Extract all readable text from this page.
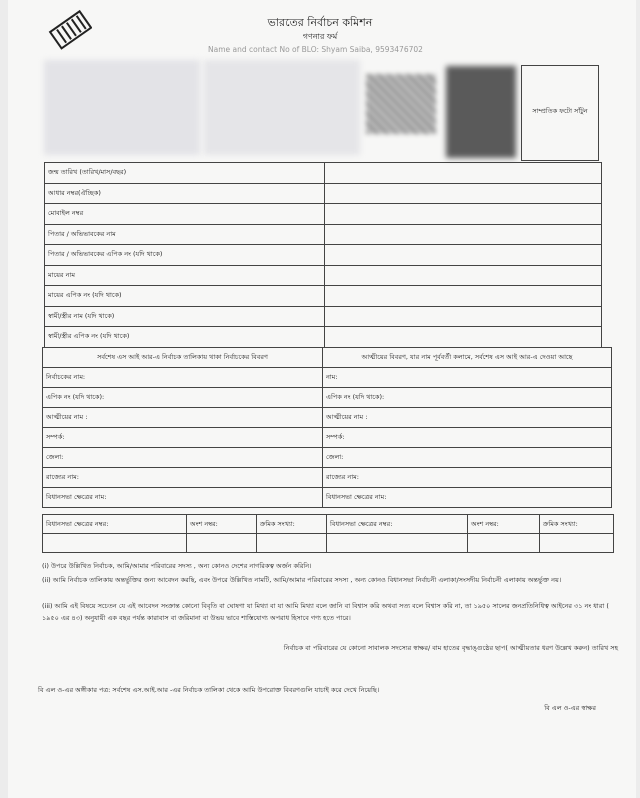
ভারতের নির্বাচন কমিশন
গণনার ফর্ম
Name and contact No of BLO: Shyam Saiba, 9593476702
সাম্প্রতিক ফটো সাঁটুন
জন্ম তারিখ (তারিখ/মাস/বছর)	
আধার নম্বর(ঐচ্ছিক)	
মোবাইল নম্বর	
পিতার / অভিভাবকের নাম	
পিতার / অভিভাবকের এপিক নং (যদি থাকে)	
মায়ের নাম	
মায়ের এপিক নং (যদি থাকে)	
স্বামী/স্ত্রীর নাম (যদি থাকে)	
স্বামী/স্ত্রীর এপিক নং (যদি থাকে)	
সর্বশেষ এস আই আর-এ নির্বাচক তালিকায় থাকা নির্বাচকের বিবরণ	আত্মীয়ের বিবরণ, যার নাম পূর্ববর্তী কলামে, সর্বশেষ এস আই আর-এ দেওয়া আছে
নির্বাচকের নাম:	নাম:
এপিক নং (যদি থাকে):	এপিক নং (যদি থাকে):
আত্মীয়ের নাম :	আত্মীয়ের নাম :
সম্পর্ক:	সম্পর্ক:
জেলা:	জেলা:
রাজ্যের নাম:	রাজ্যের নাম:
বিধানসভা ক্ষেত্রের নাম:	বিধানসভা ক্ষেত্রের নাম:
বিধানসভা ক্ষেত্রের নম্বর:	অংশ নম্বর:	ক্রমিক সংখ্যা:	বিধানসভা ক্ষেত্রের নম্বর:	অংশ নম্বর:	ক্রমিক সংখ্যা:

(i) উপরে উল্লিখিত নির্বাচক, আমি/আমার পরিবারের সদস্য , অন্য কোনও দেশের নাগরিকত্ব অর্জন করিনি।
(ii) আমি নির্বাচক তালিকায় অন্তর্ভুক্তির জন্য আবেদন করছি, এবং উপরে উল্লিখিত নামটি, আমি/আমার পরিবারের সদস্য , অন্য কোনও বিধানসভা নির্বাচনী এলাকা/সংসদীয় নির্বাচনী এলাকায় অন্তর্ভুক্ত নয়।
(iii) আমি এই বিষয়ে সচেতন যে এই আবেদন সংক্রান্ত কোনো বিবৃতি বা ঘোষণা যা মিথ্যা বা যা আমি মিথ্যা বলে জানি বা বিশ্বাস করি অথবা সত্য বলে বিশ্বাস করি না, তা ১৯৫০ সালের জনপ্রতিনিধিত্ব আইনের ৩১ নং ধারা ( ১৯৫০ এর ৪৩) অনুযায়ী এক বছর পর্যন্ত কারাবাস বা জরিমানা বা উভয় ভাবে শাস্তিযোগ্য অপরাধ হিসাবে গণ্য হতে পারে।
নির্বাচক বা পরিবারের যে কোনো সাবালক সদস্যের স্বাক্ষর/ বাম হাতের বৃদ্ধাঙ্গুষ্ঠের ছাপ( আত্মীয়তার ধরণ উল্লেখ করুন) তারিখ সহ
বি এল ও-এর অঙ্গীকার পত্র: সর্বশেষ এস.আই.আর -এর নির্বাচক তালিকা থেকে আমি উপরোক্ত বিবরণগুলি যাচাই করে দেখে নিয়েছি।
বি এল ও-এর স্বাক্ষর
